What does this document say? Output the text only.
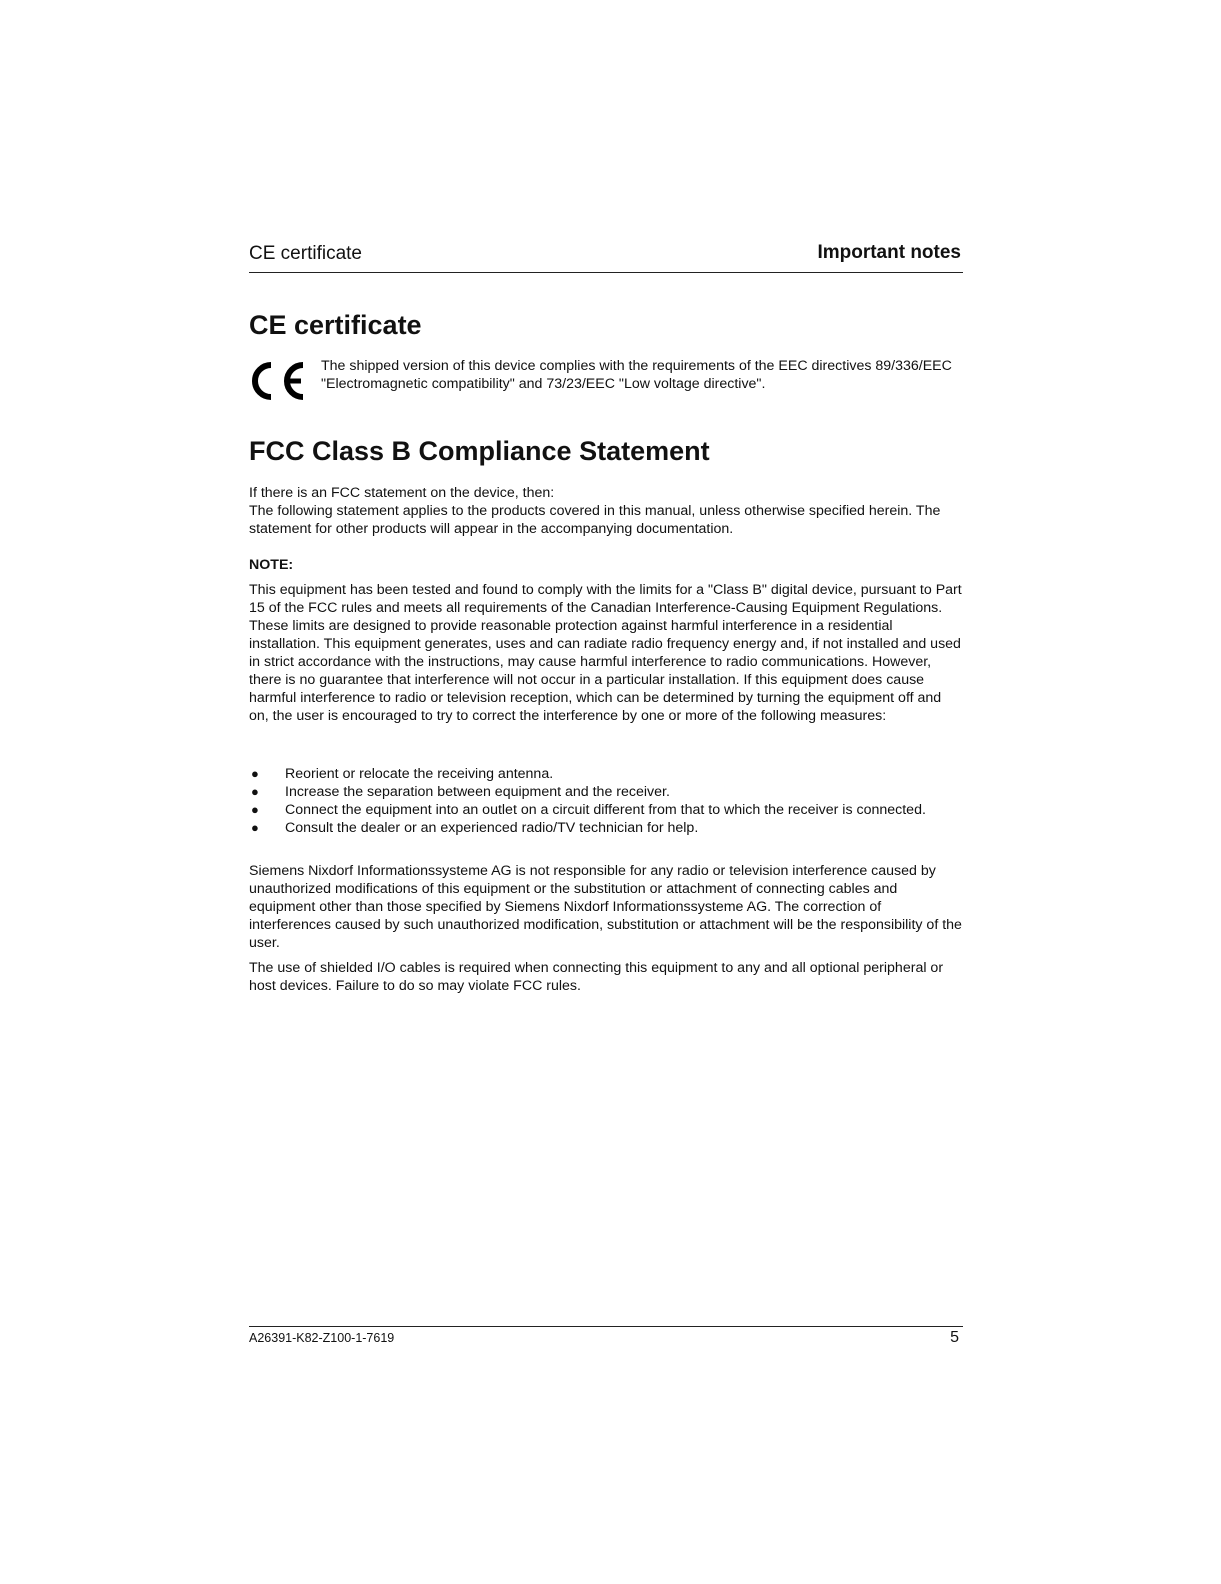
CE certificate	Important notes
CE certificate

The shipped version of this device complies with the requirements of the EEC directives 89/336/EEC "Electromagnetic compatibility" and 73/23/EEC "Low voltage directive".

FCC Class B Compliance Statement

If there is an FCC statement on the device, then:

The following statement applies to the products covered in this manual, unless otherwise specified herein. The statement for other products will appear in the accompanying documentation.

NOTE:

This equipment has been tested and found to comply with the limits for a "Class B" digital device, pursuant to Part 15 of the FCC rules and meets all requirements of the Canadian Interference-Causing Equipment Regulations. These limits are designed to provide reasonable protection against harmful interference in a residential installation. This equipment generates, uses and can radiate radio frequency energy and, if not installed and used in strict accordance with the instructions, may cause harmful interference to radio communications. However, there is no guarantee that interference will not occur in a particular installation. If this equipment does cause harmful interference to radio or television reception, which can be determined by turning the equipment off and on, the user is encouraged to try to correct the interference by one or more of the following measures:

● Reorient or relocate the receiving antenna.
● Increase the separation between equipment and the receiver.
● Connect the equipment into an outlet on a circuit different from that to which the receiver is connected.
● Consult the dealer or an experienced radio/TV technician for help.

Siemens Nixdorf Informationssysteme AG is not responsible for any radio or television interference caused by unauthorized modifications of this equipment or the substitution or attachment of connecting cables and equipment other than those specified by Siemens Nixdorf Informationssysteme AG. The correction of interferences caused by such unauthorized modification, substitution or attachment will be the responsibility of the user.

The use of shielded I/O cables is required when connecting this equipment to any and all optional peripheral or host devices. Failure to do so may violate FCC rules.

A26391-K82-Z100-1-7619	5
